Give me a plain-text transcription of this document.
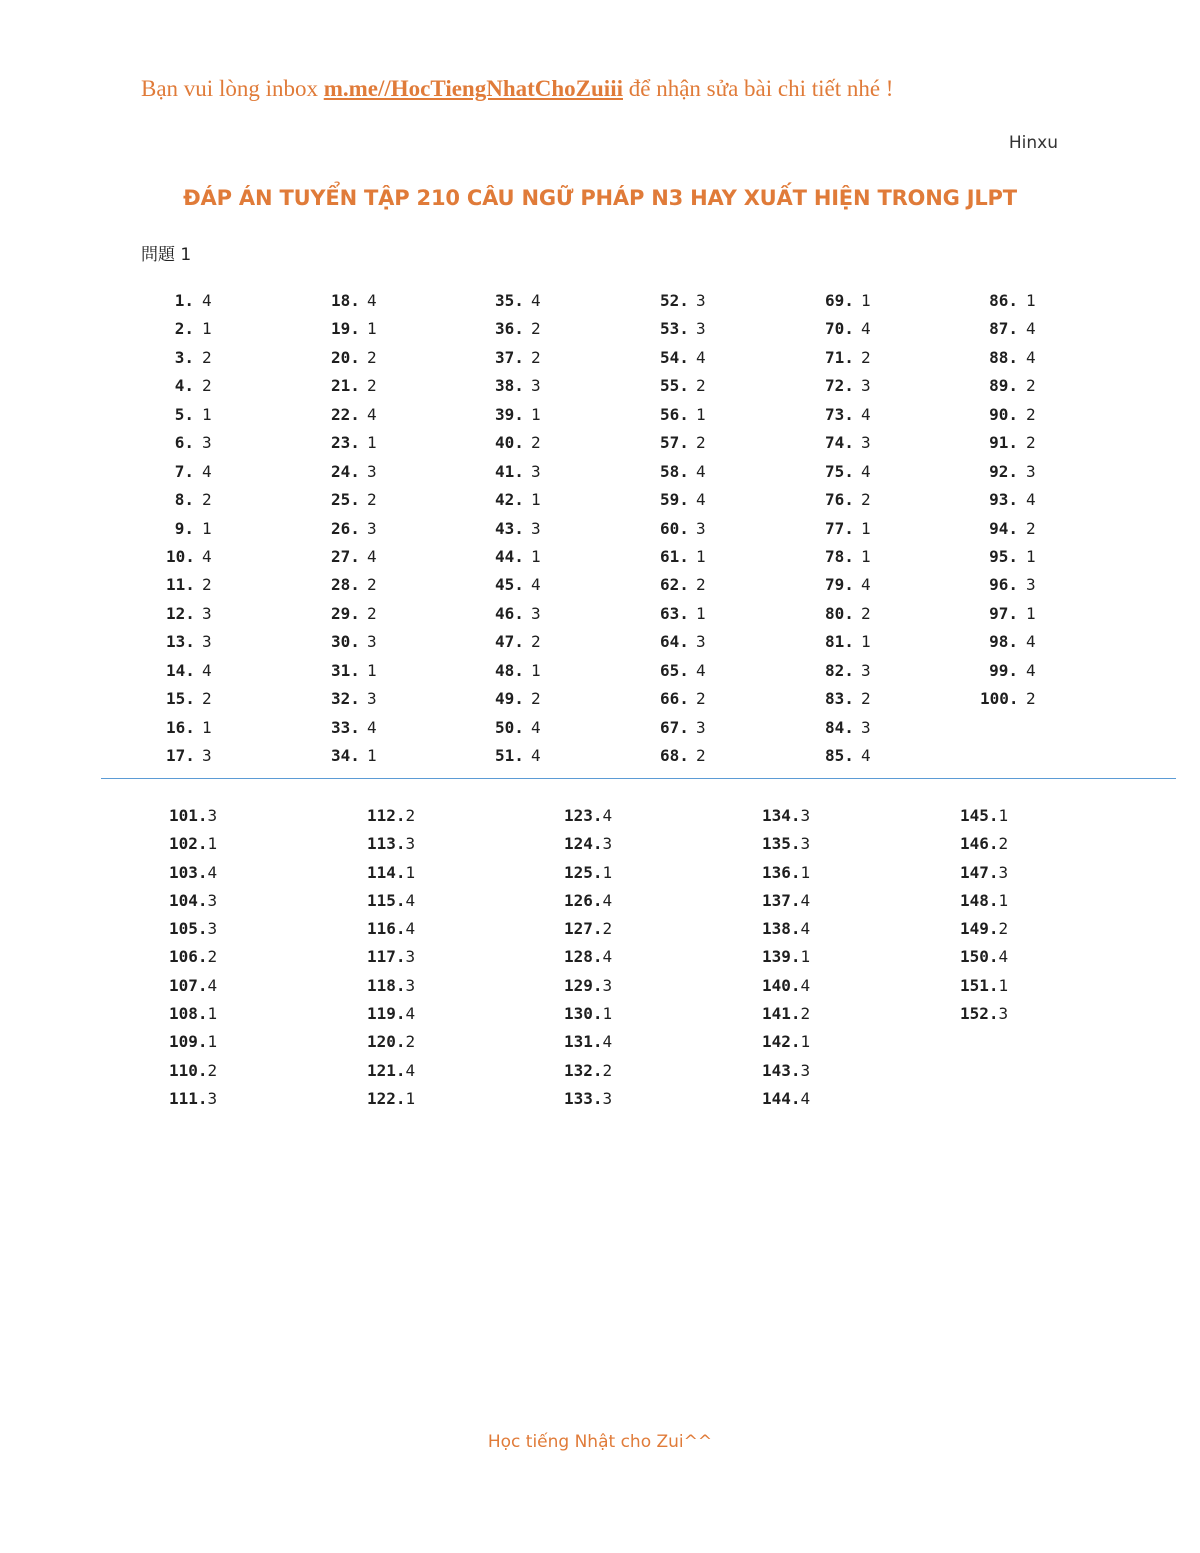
Bạn vui lòng inbox m.me//HocTiengNhatChoZuiii để nhận sửa bài chi tiết nhé !
Hinxu
ĐÁP ÁN TUYỂN TẬP 210 CÂU NGỮ PHÁP N3 HAY XUẤT HIỆN TRONG JLPT
問題 1
1. 4
2. 1
3. 2
4. 2
5. 1
6. 3
7. 4
8. 2
9. 1
10. 4
11. 2
12. 3
13. 3
14. 4
15. 2
16. 1
17. 3
18. 4
19. 1
20. 2
21. 2
22. 4
23. 1
24. 3
25. 2
26. 3
27. 4
28. 2
29. 2
30. 3
31. 1
32. 3
33. 4
34. 1
35. 4
36. 2
37. 2
38. 3
39. 1
40. 2
41. 3
42. 1
43. 3
44. 1
45. 4
46. 3
47. 2
48. 1
49. 2
50. 4
51. 4
52. 3
53. 3
54. 4
55. 2
56. 1
57. 2
58. 4
59. 4
60. 3
61. 1
62. 2
63. 1
64. 3
65. 4
66. 2
67. 3
68. 2
69. 1
70. 4
71. 2
72. 3
73. 4
74. 3
75. 4
76. 2
77. 1
78. 1
79. 4
80. 2
81. 1
82. 3
83. 2
84. 3
85. 4
86. 1
87. 4
88. 4
89. 2
90. 2
91. 2
92. 3
93. 4
94. 2
95. 1
96. 3
97. 1
98. 4
99. 4
100. 2
101.3
102.1
103.4
104.3
105.3
106.2
107.4
108.1
109.1
110.2
111.3
112.2
113.3
114.1
115.4
116.4
117.3
118.3
119.4
120.2
121.4
122.1
123.4
124.3
125.1
126.4
127.2
128.4
129.3
130.1
131.4
132.2
133.3
134.3
135.3
136.1
137.4
138.4
139.1
140.4
141.2
142.1
143.3
144.4
145.1
146.2
147.3
148.1
149.2
150.4
151.1
152.3
Học tiếng Nhật cho Zui^^
